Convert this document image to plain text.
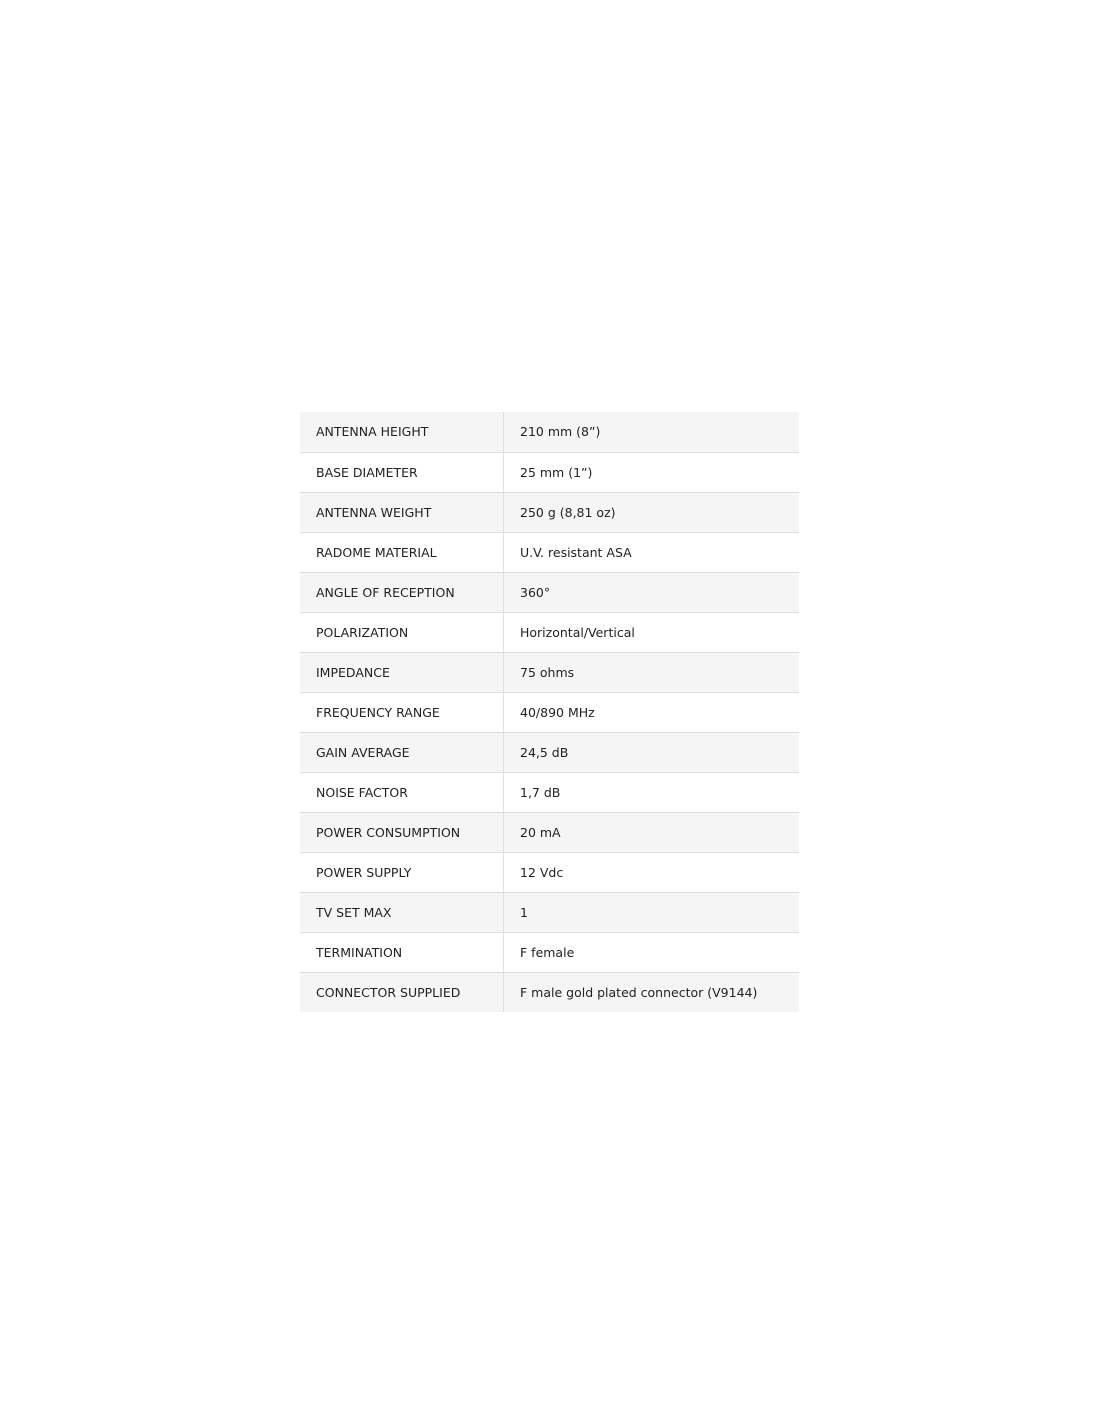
ANTENNA HEIGHT	210 mm (8”)
BASE DIAMETER	25 mm (1”)
ANTENNA WEIGHT	250 g (8,81 oz)
RADOME MATERIAL	U.V. resistant ASA
ANGLE OF RECEPTION	360°
POLARIZATION	Horizontal/Vertical
IMPEDANCE	75 ohms
FREQUENCY RANGE	40/890 MHz
GAIN AVERAGE	24,5 dB
NOISE FACTOR	1,7 dB
POWER CONSUMPTION	20 mA
POWER SUPPLY	12 Vdc
TV SET MAX	1
TERMINATION	F female
CONNECTOR SUPPLIED	F male gold plated connector (V9144)
